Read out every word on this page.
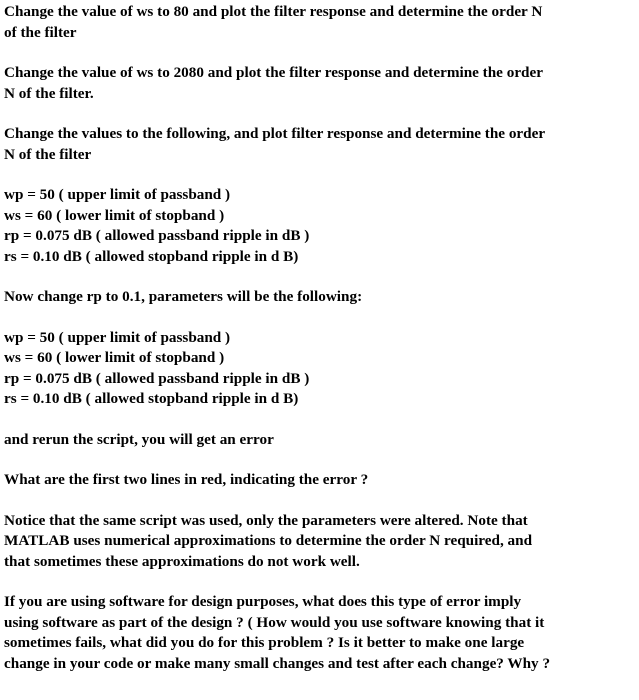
Change the value of ws to 80 and plot the filter response and determine the order N
of the filter
Change the value of ws to 2080 and plot the filter response and determine the order
N of the filter.
Change the values to the following, and plot filter response and determine the order
N of the filter
wp = 50 ( upper limit of passband )
ws = 60 ( lower limit of stopband )
rp = 0.075 dB ( allowed passband ripple in dB )
rs = 0.10 dB ( allowed stopband ripple in d B)
Now change rp to 0.1, parameters will be the following:
wp = 50 ( upper limit of passband )
ws = 60 ( lower limit of stopband )
rp = 0.075 dB ( allowed passband ripple in dB )
rs = 0.10 dB ( allowed stopband ripple in d B)
and rerun the script, you will get an error
What are the first two lines in red, indicating the error ?
Notice that the same script was used, only the parameters were altered. Note that
MATLAB uses numerical approximations to determine the order N required, and
that sometimes these approximations do not work well.
If you are using software for design purposes, what does this type of error imply
using software as part of the design ? ( How would you use software knowing that it
sometimes fails, what did you do for this problem ? Is it better to make one large
change in your code or make many small changes and test after each change? Why ?
